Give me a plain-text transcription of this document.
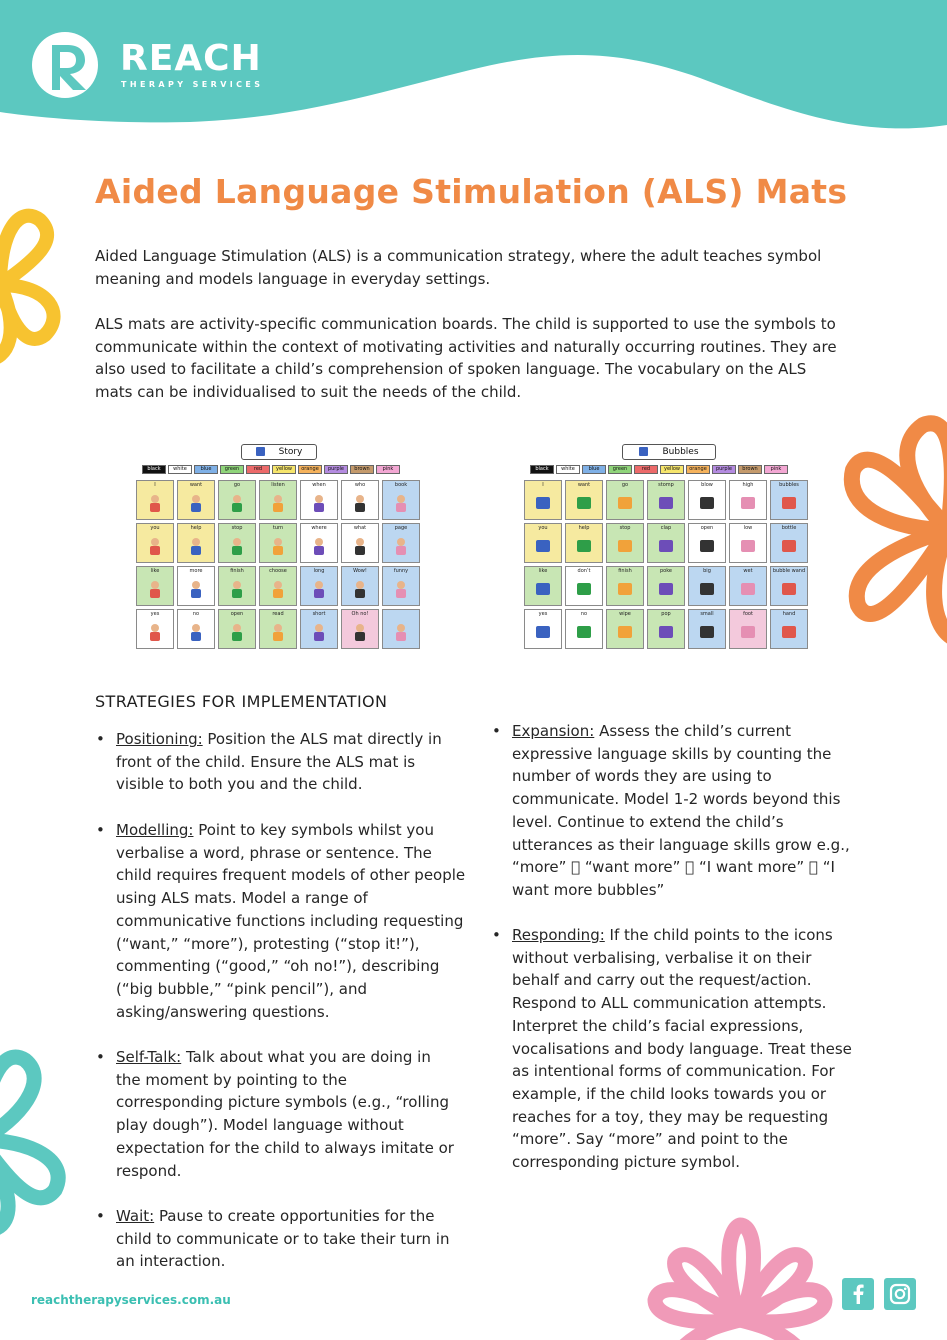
REACH
THERAPY SERVICES
Aided Language Stimulation (ALS) Mats

Aided Language Stimulation (ALS) is a communication strategy, where the adult teaches symbol meaning and models language in everyday settings.

ALS mats are activity-specific communication boards. The child is supported to use the symbols to communicate within the context of motivating activities and naturally occurring routines. They are also used to facilitate a child’s comprehension of spoken language. The vocabulary on the ALS mats can be individualised to suit the needs of the child.

Story
black	white	blue	green	red	yellow	orange	purple	brown	pink
I	want	go	listen	when	who	book
you	help	stop	turn	where	what	page
like	more	finish	choose	long	Wow!	funny
yes	no	open	read	short	Oh no!
Bubbles
black	white	blue	green	red	yellow	orange	purple	brown	pink
I	want	go	stomp	blow	high	bubbles
you	help	stop	clap	open	low	bottle
like	don’t	finish	poke	big	wet	bubble wand
yes	no	wipe	pop	small	foot	hand
STRATEGIES FOR IMPLEMENTATION
• Positioning: Position the ALS mat directly in front of the child. Ensure the ALS mat is visible to both you and the child.
• Modelling: Point to key symbols whilst you verbalise a word, phrase or sentence. The child requires frequent models of other people using ALS mats. Model a range of communicative functions including requesting (“want,” “more”), protesting (“stop it!”), commenting (“good,” “oh no!”), describing (“big bubble,” “pink pencil”), and asking/answering questions.
• Self-Talk: Talk about what you are doing in the moment by pointing to the corresponding picture symbols (e.g., “rolling play dough”). Model language without expectation for the child to always imitate or respond.
• Wait: Pause to create opportunities for the child to communicate or to take their turn in an interaction.
• Expansion: Assess the child’s current expressive language skills by counting the number of words they are using to communicate. Model 1-2 words beyond this level. Continue to extend the child’s utterances as their language skills grow e.g., “more”   “want more”   “I want more”   “I want more bubbles”
• Responding: If the child points to the icons without verbalising, verbalise it on their behalf and carry out the request/action. Respond to ALL communication attempts. Interpret the child’s facial expressions, vocalisations and body language. Treat these as intentional forms of communication. For example, if the child looks towards you or reaches for a toy, they may be requesting “more”. Say “more” and point to the corresponding picture symbol.
reachtherapyservices.com.au
